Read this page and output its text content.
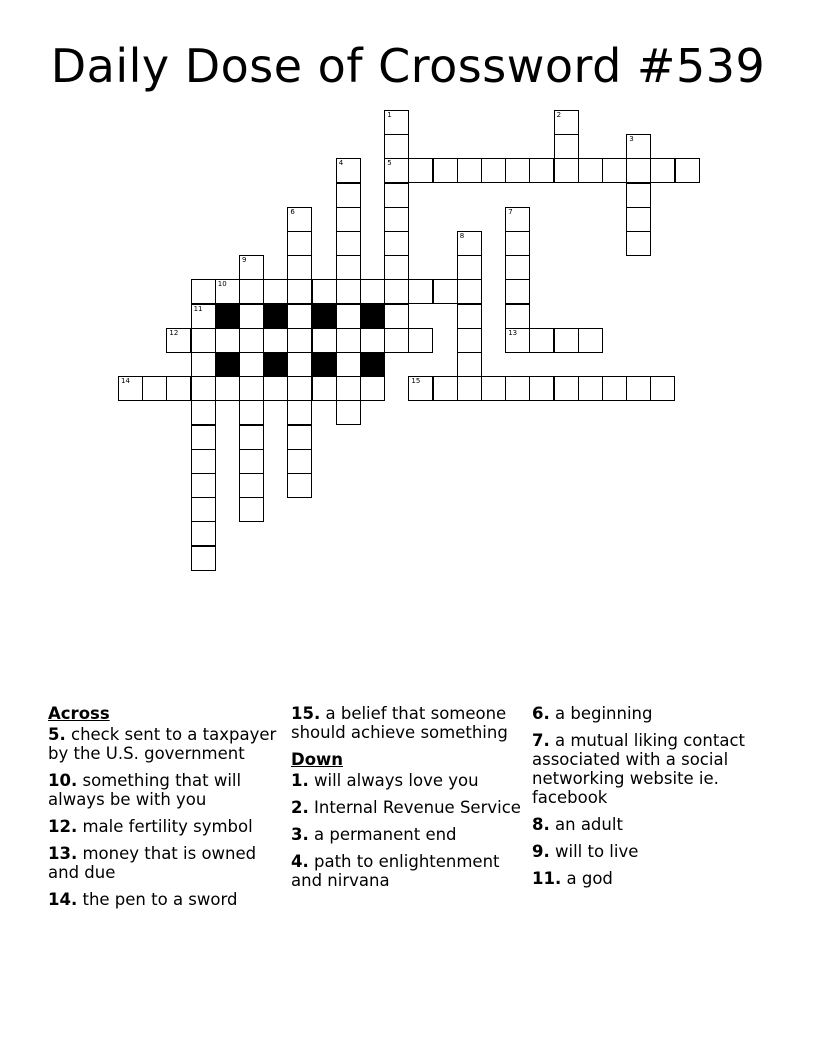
Daily Dose of Crossword #539
5
10
11
12	13
14	15
1	2
3
4
6	7
8
9
Across
5. check sent to a taxpayer by the U.S. government
10. something that will always be with you
12. male fertility symbol
13. money that is owned and due
14. the pen to a sword
15. a belief that someone should achieve something
Down
1. will always love you
2. Internal Revenue Service
3. a permanent end
4. path to enlightenment and nirvana
6. a beginning
7. a mutual liking contact associated with a social networking website ie. facebook
8. an adult
9. will to live
11. a god
